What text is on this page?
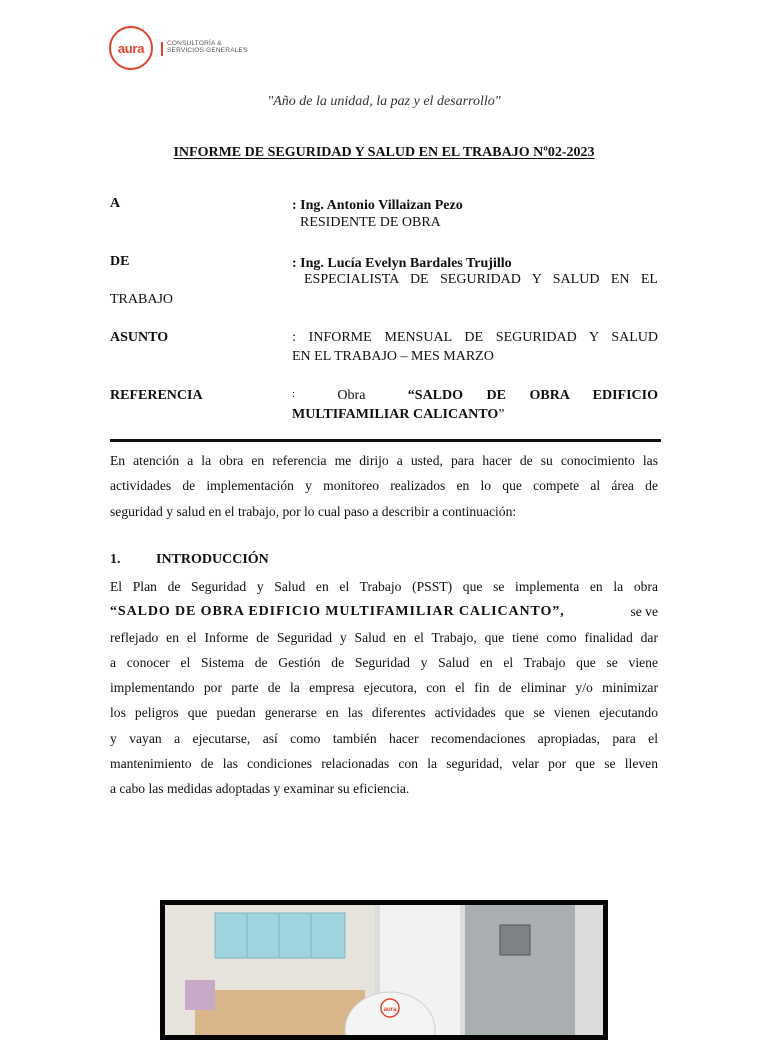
aura	CONSULTORÍA &
SERVICIOS GENERALES
"Año de la unidad, la paz y el desarrollo"
INFORME DE SEGURIDAD Y SALUD EN EL TRABAJO Nº02-2023
A	: Ing. Antonio Villaizan Pezo
RESIDENTE DE OBRA
DE	: Ing. Lucía Evelyn Bardales Trujillo
ESPECIALISTA DE SEGURIDAD Y SALUD EN EL
TRABAJO
ASUNTO	: INFORME MENSUAL DE SEGURIDAD Y SALUD
EN EL TRABAJO – MES MARZO
REFERENCIA	:	Obra	“SALDO DE OBRA EDIFICIO
MULTIFAMILIAR CALICANTO”
En atención a la obra en referencia me dirijo a usted, para hacer de su conocimiento las
actividades de implementación y monitoreo realizados en lo que compete al área de
seguridad y salud en el trabajo, por lo cual paso a describir a continuación:
1.	INTRODUCCIÓN
El Plan de Seguridad y Salud en el Trabajo (PSST) que se implementa en la obra
“SALDO DE OBRA EDIFICIO MULTIFAMILIAR CALICANTO”,	se ve
reflejado en el Informe de Seguridad y Salud en el Trabajo, que tiene como finalidad dar
a conocer el Sistema de Gestión de Seguridad y Salud en el Trabajo que se viene
implementando por parte de la empresa ejecutora, con el fin de eliminar y/o minimizar
los peligros que puedan generarse en las diferentes actividades que se vienen ejecutando
y vayan a ejecutarse, así como también hacer recomendaciones apropiadas, para el
mantenimiento de las condiciones relacionadas con la seguridad, velar por que se lleven
a cabo las medidas adoptadas y examinar su eficiencia.
aura
